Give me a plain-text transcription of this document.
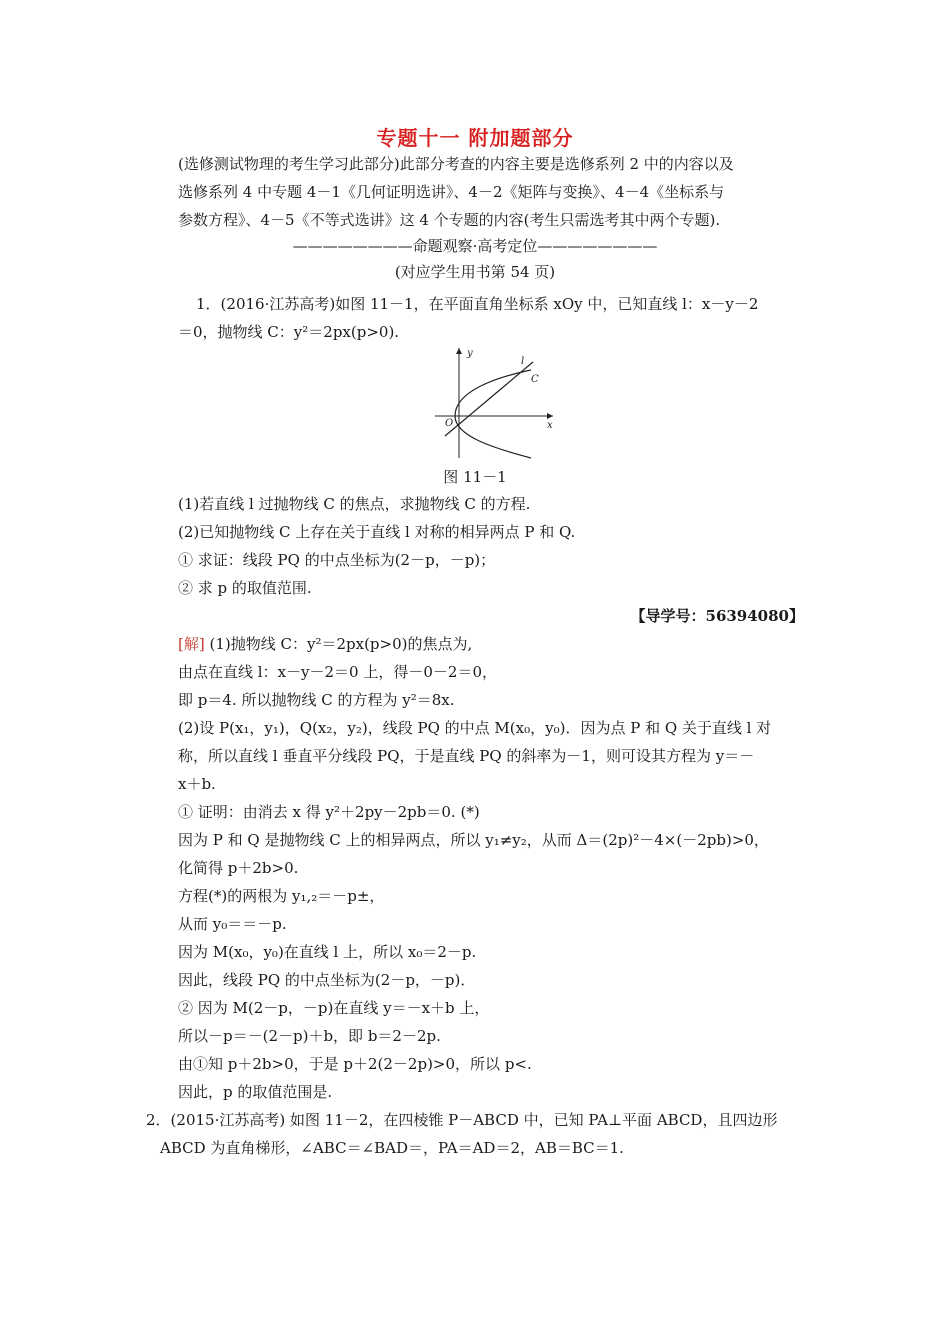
专题十一 附加题部分
(选修测试物理的考生学习此部分)此部分考查的内容主要是选修系列 2 中的内容以及
选修系列 4 中专题 4－1《几何证明选讲》、4－2《矩阵与变换》、4－4《坐标系与
参数方程》、4－5《不等式选讲》这 4 个专题的内容(考生只需选考其中两个专题).
————————命题观察·高考定位————————
(对应学生用书第 54 页)
1．(2016·江苏高考)如图 11－1，在平面直角坐标系 xOy 中，已知直线 l：x－y－2
＝0，抛物线 C：y²＝2px(p>0).
y
x
O
l
C
图 11－1
(1)若直线 l 过抛物线 C 的焦点，求抛物线 C 的方程.
(2)已知抛物线 C 上存在关于直线 l 对称的相异两点 P 和 Q.
① 求证：线段 PQ 的中点坐标为(2－p，－p)；
② 求 p 的取值范围.
【导学号：56394080】
[解] (1)抛物线 C：y²＝2px(p>0)的焦点为,
由点在直线 l：x－y－2＝0 上，得－0－2＝0，
即 p＝4. 所以抛物线 C 的方程为 y²＝8x.
(2)设 P(x₁，y₁)，Q(x₂，y₂)，线段 PQ 的中点 M(x₀，y₀)．因为点 P 和 Q 关于直线 l 对
称，所以直线 l 垂直平分线段 PQ，于是直线 PQ 的斜率为－1，则可设其方程为 y＝－
x＋b.
① 证明：由消去 x 得 y²＋2py－2pb＝0. (*)
因为 P 和 Q 是抛物线 C 上的相异两点，所以 y₁≠y₂，从而 Δ＝(2p)²－4×(－2pb)>0，
化简得 p＋2b>0.
方程(*)的两根为 y₁,₂＝－p±，
从而 y₀＝＝－p.
因为 M(x₀，y₀)在直线 l 上，所以 x₀＝2－p.
因此，线段 PQ 的中点坐标为(2－p，－p)．
② 因为 M(2－p，－p)在直线 y＝－x＋b 上，
所以－p＝－(2－p)＋b，即 b＝2－2p.
由①知 p＋2b>0，于是 p＋2(2－2p)>0，所以 p<.
因此，p 的取值范围是.
2．(2015·江苏高考) 如图 11－2，在四棱锥 P－ABCD 中，已知 PA⊥平面 ABCD，且四边形
ABCD 为直角梯形，∠ABC＝∠BAD＝，PA＝AD＝2，AB＝BC＝1.
